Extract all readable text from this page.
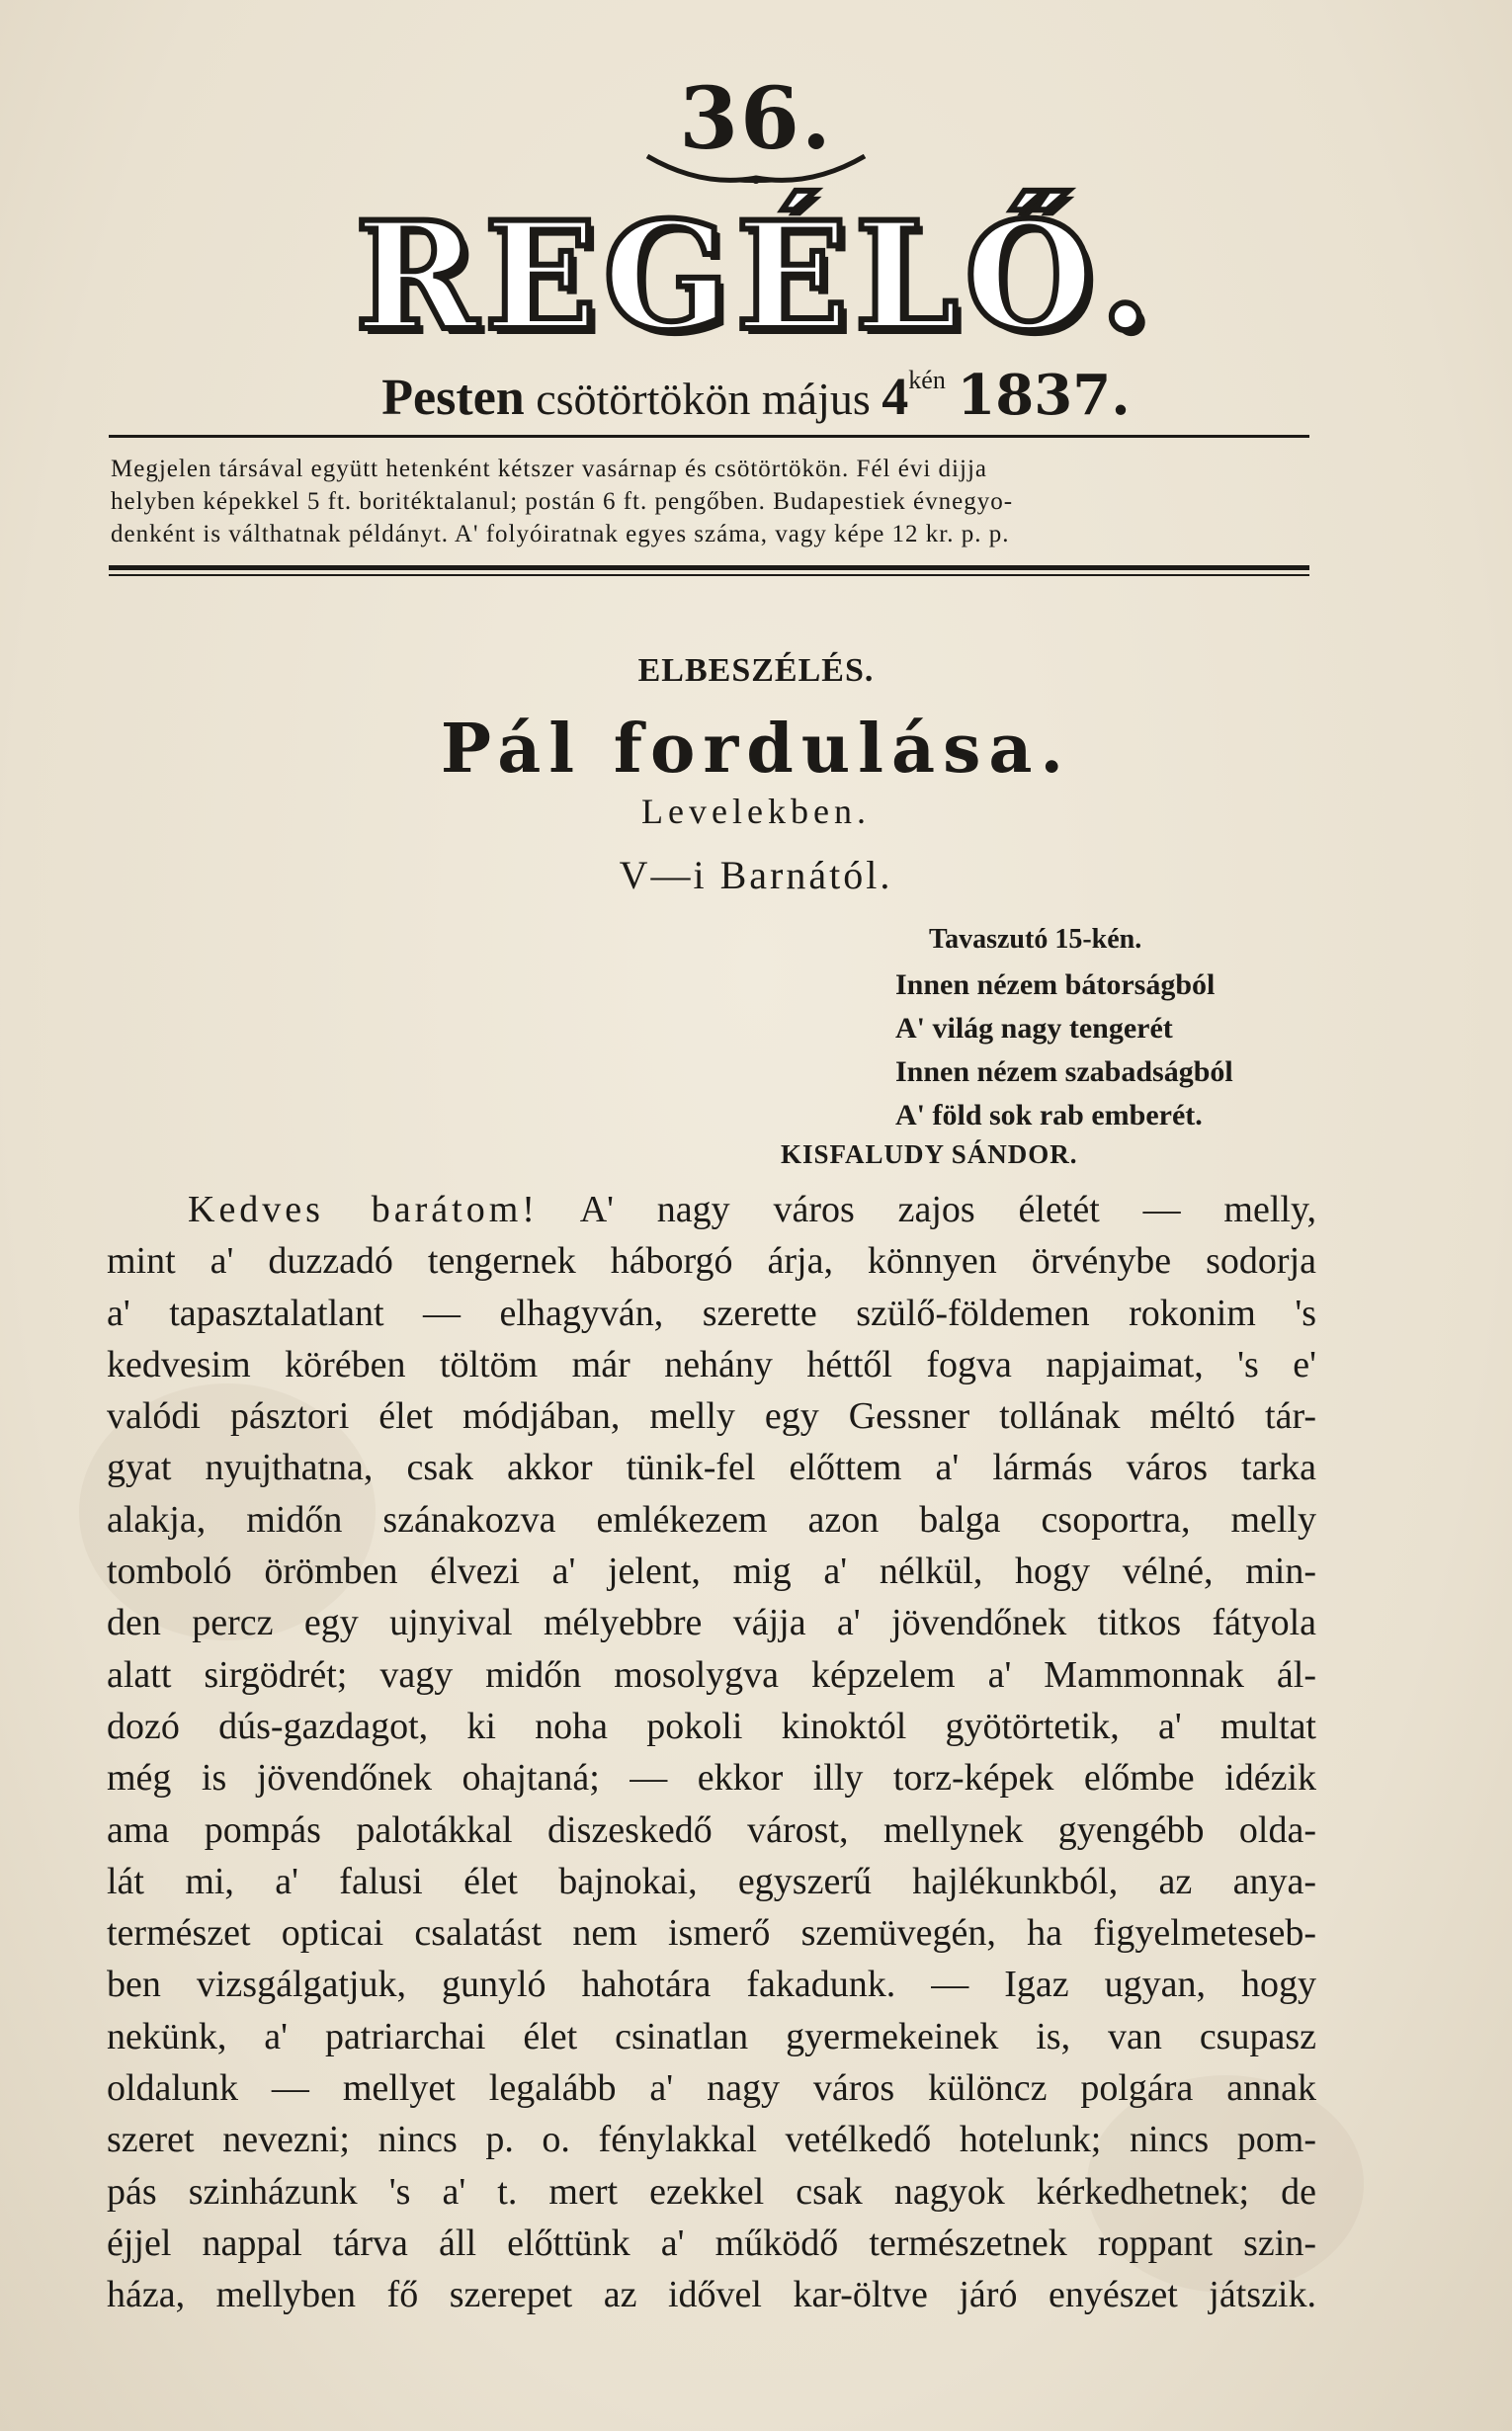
36.
REGÉLŐ.
Pesten csötörtökön május $4^{kén}$ 1837.

Megjelen társával együtt hetenként kétszer vasárnap és csötörtökön. Fél évi dijja

helyben képekkel 5 ft. boritéktalanul; postán 6 ft. pengőben. Budapestiek évnegyo-

denként is válthatnak példányt. A' folyóiratnak egyes száma, vagy képe 12 kr. p. p.

ELBESZÉLÉS.
Pál fordulása.
Levelekben.
V—i Barnától.
Tavaszutó 15-kén.
Innen nézem bátorságból
A' világ nagy tengerét
Innen nézem szabadságból
A' föld sok rab emberét.
KISFALUDY SÁNDOR.
Kedves barátom! A' nagy város zajos életét — melly,
mint a' duzzadó tengernek háborgó árja, könnyen örvénybe sodorja
a' tapasztalatlant — elhagyván, szerette szülő-földemen rokonim 's
kedvesim körében töltöm már nehány héttől fogva napjaimat, 's e'
valódi pásztori élet módjában, melly egy Gessner tollának méltó tár-
gyat nyujthatna, csak akkor tünik-fel előttem a' lármás város tarka
alakja, midőn szánakozva emlékezem azon balga csoportra, melly
tomboló örömben élvezi a' jelent, mig a' nélkül, hogy vélné, min-
den percz egy ujnyival mélyebbre vájja a' jövendőnek titkos fátyola
alatt sirgödrét; vagy midőn mosolygva képzelem a' Mammonnak ál-
dozó dús-gazdagot, ki noha pokoli kinoktól gyötörtetik, a' multat
még is jövendőnek ohajtaná; — ekkor illy torz-képek előmbe idézik
ama pompás palotákkal diszeskedő várost, mellynek gyengébb olda-
lát mi, a' falusi élet bajnokai, egyszerű hajlékunkból, az anya-
természet opticai csalatást nem ismerő szemüvegén, ha figyelmeteseb-
ben vizsgálgatjuk, gunyló hahotára fakadunk. — Igaz ugyan, hogy
nekünk, a' patriarchai élet csinatlan gyermekeinek is, van csupasz
oldalunk — mellyet legalább a' nagy város különcz polgára annak
szeret nevezni; nincs p. o. fénylakkal vetélkedő hotelunk; nincs pom-
pás szinházunk 's a' t. mert ezekkel csak nagyok kérkedhetnek; de
éjjel nappal tárva áll előttünk a' működő természetnek roppant szin-
háza, mellyben fő szerepet az idővel kar-öltve járó enyészet játszik.
